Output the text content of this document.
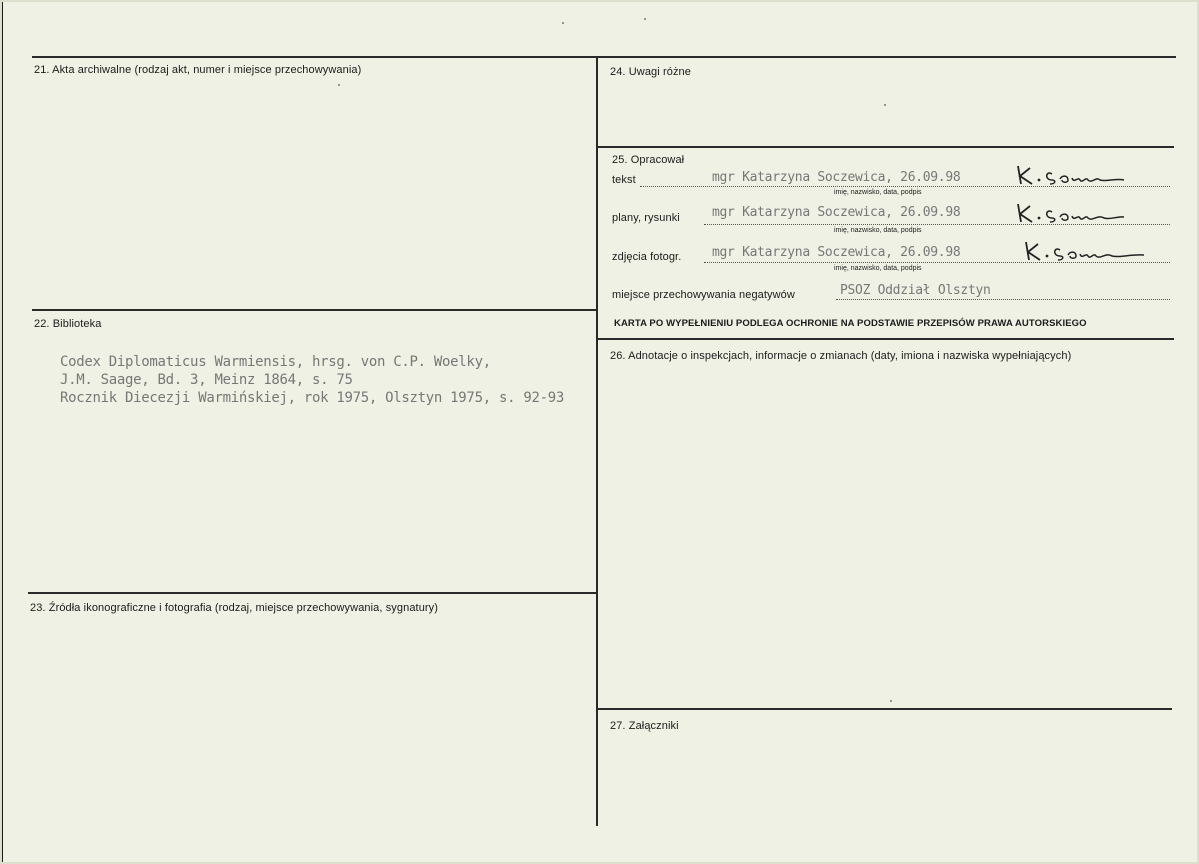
21. Akta archiwalne (rodzaj akt, numer i miejsce przechowywania)
22. Biblioteka
Codex Diplomaticus Warmiensis, hrsg. von C.P. Woelky,
J.M. Saage, Bd. 3, Meinz 1864, s. 75
Rocznik Diecezji Warmińskiej, rok 1975, Olsztyn 1975, s. 92-93
23. Źródła ikonograficzne i fotografia (rodzaj, miejsce przechowywania, sygnatury)
24. Uwagi różne
25. Opracował
tekst	mgr Katarzyna Soczewica, 26.09.98
imię, nazwisko, data, podpis
plany, rysunki mgr Katarzyna Soczewica, 26.09.98
imię, nazwisko, data, podpis
zdjęcia fotogr. mgr Katarzyna Soczewica, 26.09.98
imię, nazwisko, data, podpis
miejsce przechowywania negatywów	PSOZ Oddział Olsztyn
KARTA PO WYPEŁNIENIU PODLEGA OCHRONIE NA PODSTAWIE PRZEPISÓW PRAWA AUTORSKIEGO
26. Adnotacje o inspekcjach, informacje o zmianach (daty, imiona i nazwiska wypełniających)
27. Załączniki
